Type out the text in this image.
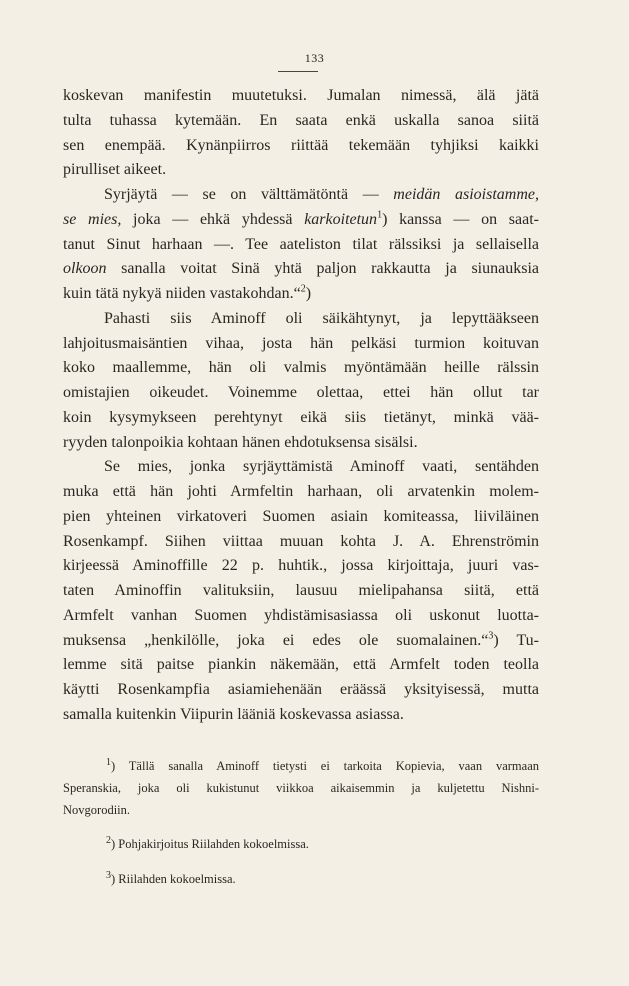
133

koskevan manifestin muutetuksi. Jumalan nimessä, älä jätä
tulta tuhassa kytemään. En saata enkä uskalla sanoa siitä
sen enempää. Kynänpiirros riittää tekemään tyhjiksi kaikki
pirulliset aikeet.

Syrjäytä — se on välttämätöntä — meidän asioistamme,
se mies, joka — ehkä yhdessä karkoitetun$^1$) kanssa — on saat-
tanut Sinut harhaan —. Tee aateliston tilat rälssiksi ja sellaisella
olkoon sanalla voitat Sinä yhtä paljon rakkautta ja siunauksia
kuin tätä nykyä niiden vastakohdan.“$^2$)

Pahasti siis Aminoff oli säikähtynyt, ja lepyttääkseen
lahjoitusmaisäntien vihaa, josta hän pelkäsi turmion koituvan
koko maallemme, hän oli valmis myöntämään heille rälssin
omistajien oikeudet. Voinemme olettaa, ettei hän ollut tar
koin kysymykseen perehtynyt eikä siis tietänyt, minkä vää-
ryyden talonpoikia kohtaan hänen ehdotuksensa sisälsi.

Se mies, jonka syrjäyttämistä Aminoff vaati, sentähden
muka että hän johti Armfeltin harhaan, oli arvatenkin molem-
pien yhteinen virkatoveri Suomen asiain komiteassa, liiviläinen
Rosenkampf. Siihen viittaa muuan kohta J. A. Ehrenströmin
kirjeessä Aminoffille 22 p. huhtik., jossa kirjoittaja, juuri vas-
taten Aminoffin valituksiin, lausuu mielipahansa siitä, että
Armfelt vanhan Suomen yhdistämisasiassa oli uskonut luotta-
muksensa „henkilölle, joka ei edes ole suomalainen.“$^3$) Tu-
lemme sitä paitse piankin näkemään, että Armfelt toden teolla
käytti Rosenkampfia asiamiehenään eräässä yksityisessä, mutta
samalla kuitenkin Viipurin lääniä koskevassa asiassa.

$^1$) Tällä sanalla Aminoff tietysti ei tarkoita Kopievia, vaan varmaan
Speranskia, joka oli kukistunut viikkoa aikaisemmin ja kuljetettu Nishni-
Novgorodiin.

$^2$) Pohjakirjoitus Riilahden kokoelmissa.

$^3$) Riilahden kokoelmissa.
